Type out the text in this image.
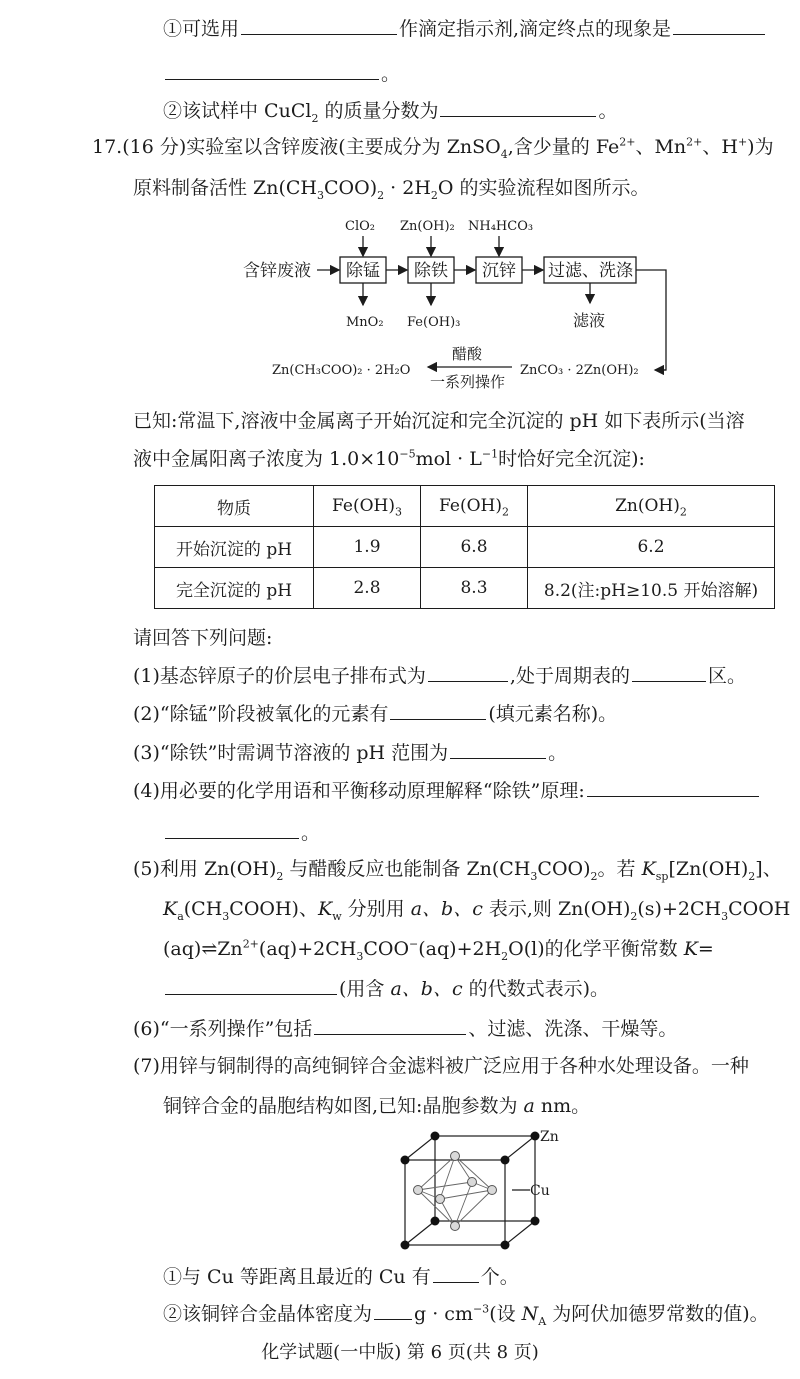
①可选用	作滴定指示剂,滴定终点的现象是
。
②该试样中 CuCl$_2$ 的质量分数为	。
17.(16 分)实验室以含锌废液(主要成分为 ZnSO$_4$,含少量的 $Fe^{2+}$、$Mn^{2+}$、H+)为
原料制备活性 $Zn(CH_3COO)_2 \cdot 2H_2O$ 的实验流程如图所示。
含锌废液 除锰 除铁 沉锌 过滤、洗涤
ClO₂ Zn(OH)₂ NH₄HCO₃
MnO₂ Fe(OH)₃	滤液
Zn(CH₃COO)₂ · 2H₂O
醋酸
一系列操作
ZnCO₃ · 2Zn(OH)₂
已知:常温下,溶液中金属离子开始沉淀和完全沉淀的 pH 如下表所示(当溶
液中金属阳离子浓度为 $1.0\times 10^{-5}mol \cdot L^{-1}$时恰好完全沉淀):
物质	$Fe(OH)_3$	$Fe(OH)_2$	$Zn(OH)_2$
开始沉淀的 pH	1.9	6.8	6.2
完全沉淀的 pH	2.8	8.3	8.2(注:pH≥10.5 开始溶解)
请回答下列问题:
(1)基态锌原子的价层电子排布式为	,处于周期表的	区。
(2)“除锰”阶段被氧化的元素有	(填元素名称)。
(3)“除铁”时需调节溶液的 pH 范围为	。
(4)用必要的化学用语和平衡移动原理解释“除铁”原理:
。
(5)利用 $Zn(OH)_2$ 与醋酸反应也能制备 $Zn(CH_3COO)_2$。若 $K_{sp}[Zn(OH)_2]$、
$K_a(CH_3COOH)$、$K_w$ 分别用 a、b、c 表示,则 $Zn(OH)_2(s)+2CH_3COOH$
$(aq)\rightleftharpoons Zn^{2+}(aq)+2CH_3COO^-(aq)+2H_2O(l)$的化学平衡常数 K=
(用含 a、b、c 的代数式表示)。
(6)“一系列操作”包括	、过滤、洗涤、干燥等。
(7)用锌与铜制得的高纯铜锌合金滤料被广泛应用于各种水处理设备。一种
铜锌合金的晶胞结构如图,已知:晶胞参数为 a nm。
Zn
Cu
①与 Cu 等距离且最近的 Cu 有	个。
②该铜锌合金晶体密度为 $g \cdot cm^{-3}$(设 $N_A$ 为阿伏加德罗常数的值)。
化学试题(一中版) 第 6 页(共 8 页)
